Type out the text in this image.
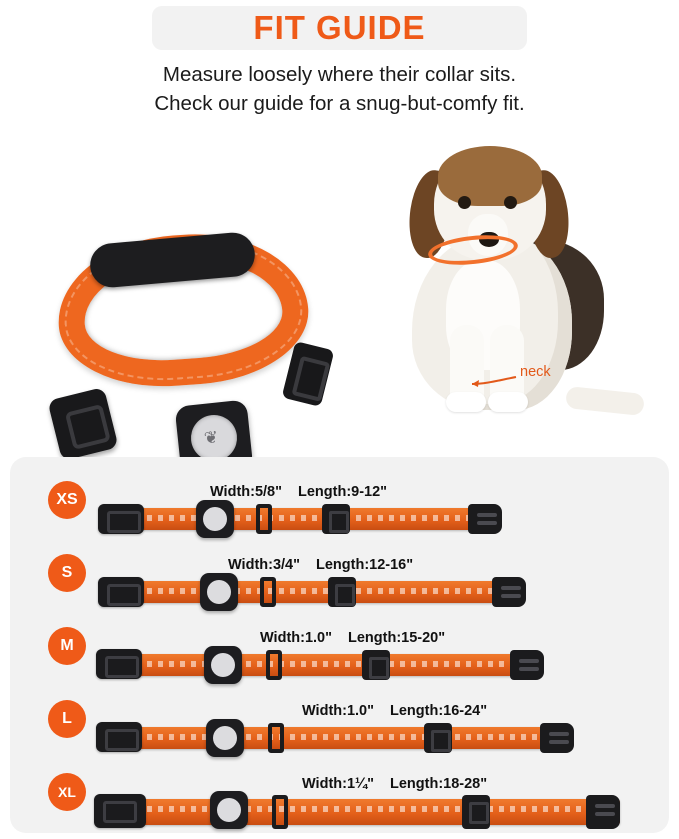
FIT GUIDE
Measure loosely where their collar sits.
Check our guide for a snug-but-comfy fit.
❦
neck
XS	Width:5/8" Length:9-12"
S	Width:3/4" Length:12-16"
M	Width:1.0" Length:15-20"
L	Width:1.0" Length:16-24"
XL	Width:1¼" Length:18-28"
